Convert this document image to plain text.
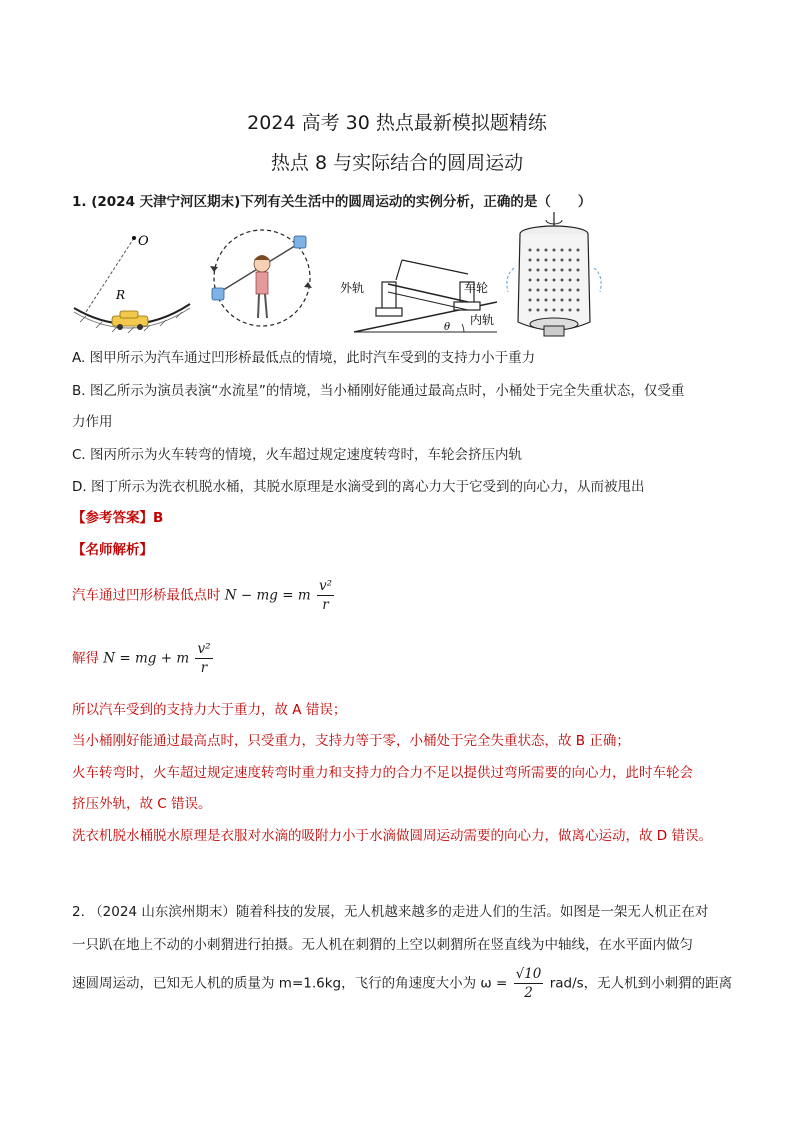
2024 高考 30 热点最新模拟题精练
热点 8 与实际结合的圆周运动
1. (2024 天津宁河区期末)下列有关生活中的圆周运动的实例分析，正确的是（　　）
O
R	外轨	车轮
内轨
θ
A. 图甲所示为汽车通过凹形桥最低点的情境，此时汽车受到的支持力小于重力
B. 图乙所示为演员表演“水流星”的情境，当小桶刚好能通过最高点时，小桶处于完全失重状态，仅受重
力作用
C. 图丙所示为火车转弯的情境，火车超过规定速度转弯时，车轮会挤压内轨
D. 图丁所示为洗衣机脱水桶，其脱水原理是水滴受到的离心力大于它受到的向心力，从而被甩出
【参考答案】B
【名师解析】
汽车通过凹形桥最低点时 N − mg = m $\frac{\text{v²}}{r}$
解得 N = mg + m $\frac{\text{v²}}{r}$
所以汽车受到的支持力大于重力，故 A 错误；
当小桶刚好能通过最高点时，只受重力，支持力等于零，小桶处于完全失重状态，故 B 正确；
火车转弯时，火车超过规定速度转弯时重力和支持力的合力不足以提供过弯所需要的向心力，此时车轮会
挤压外轨，故 C 错误。
洗衣机脱水桶脱水原理是衣服对水滴的吸附力小于水滴做圆周运动需要的向心力，做离心运动，故 D 错误。
2. （2024 山东滨州期末）随着科技的发展，无人机越来越多的走进人们的生活。如图是一架无人机正在对
一只趴在地上不动的小刺猬进行拍摄。无人机在刺猬的上空以刺猬所在竖直线为中轴线，在水平面内做匀
速圆周运动，已知无人机的质量为 m=1.6kg，飞行的角速度大小为 $\omega = \frac{√10}{2} rad/s$，无人机到小刺猬的距离
